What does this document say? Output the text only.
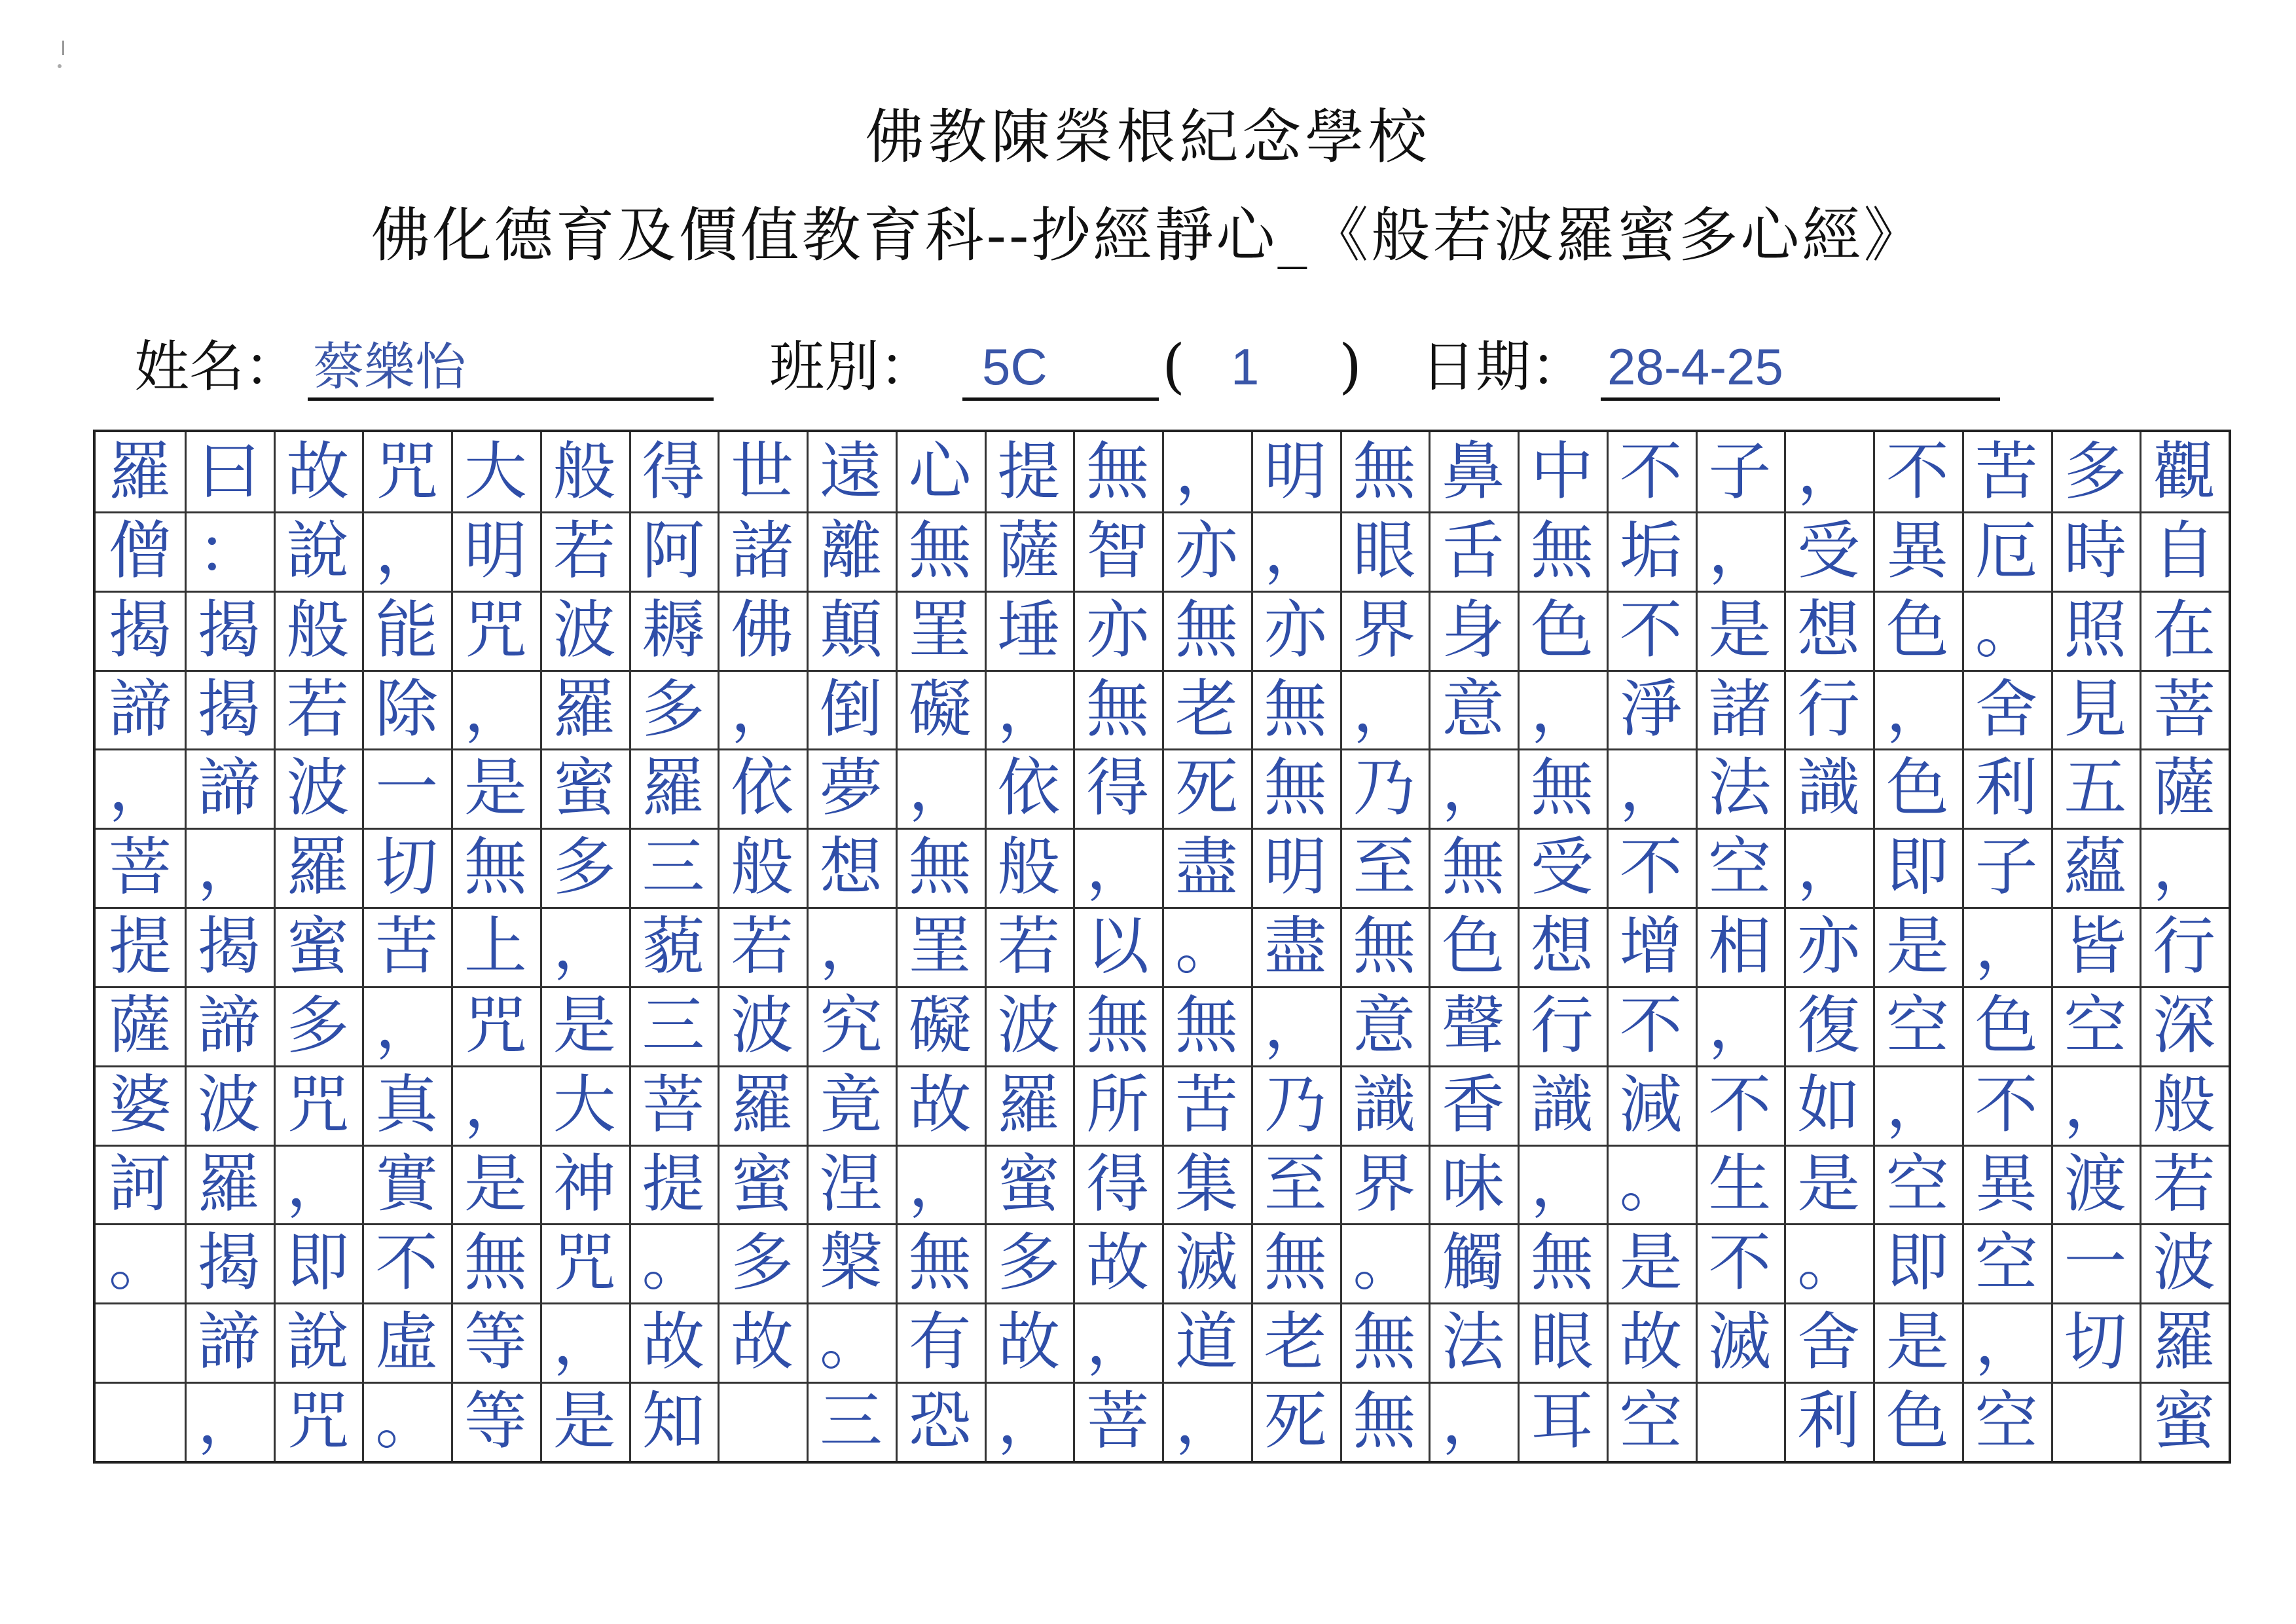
佛教陳榮根紀念學校
佛化德育及價值教育科--抄經靜心_《般若波羅蜜多心經》
姓名： 蔡樂怡	班別： 5C ( 1 ) 日期： 28-4-25
觀
自
在
菩
薩
，
行
深
般
若
波
羅
蜜
多
時
照
見
五
蘊
皆
空
，
渡
一
切
苦
厄
。
舍
利
子
，
色
不
異
空
，
空
不
異
色
，
色
即
是
空
，
空
即
是
色
，
受
想
行
識
，
亦
復
如
是
。
舍
利
子
，
是
諸
法
空
相
，
不
生
不
滅
不
垢
不
淨
，
不
增
不
減
。
是
故
空
中
無
色
，
無
受
想
行
識
，
無
眼
耳
鼻
舌
身
意
，
無
色
聲
香
味
觸
法
，
無
眼
界
，
乃
至
無
意
識
界
。
無
無
明
，
亦
無
無
明
盡
，
乃
至
無
老
死
，
亦
無
老
死
盡
。
無
苦
集
滅
道
，
無
智
亦
無
得
，
以
無
所
得
故
，
菩
提
薩
埵
，
依
般
若
波
羅
蜜
多
故
，
心
無
罣
礙
，
無
罣
礙
故
，
無
有
恐
遠
離
顛
倒
夢
想
，
究
竟
涅
槃
。
三
世
諸
佛
，
依
般
若
波
羅
蜜
多
故
得
阿
耨
多
羅
三
藐
三
菩
提
。
故
知
般
若
波
羅
蜜
多
，
是
大
神
咒
，
是
大
明
咒
，
是
無
上
咒
，
是
無
等
等
咒
，
能
除
一
切
苦
，
真
實
不
虛
。
故
說
般
若
波
羅
蜜
多
咒
，
即
說
咒
曰
：
揭
揭
諦
，
揭
諦
波
羅
揭
諦
，
羅
僧
揭
諦
，
菩
提
薩
婆
訶
。
